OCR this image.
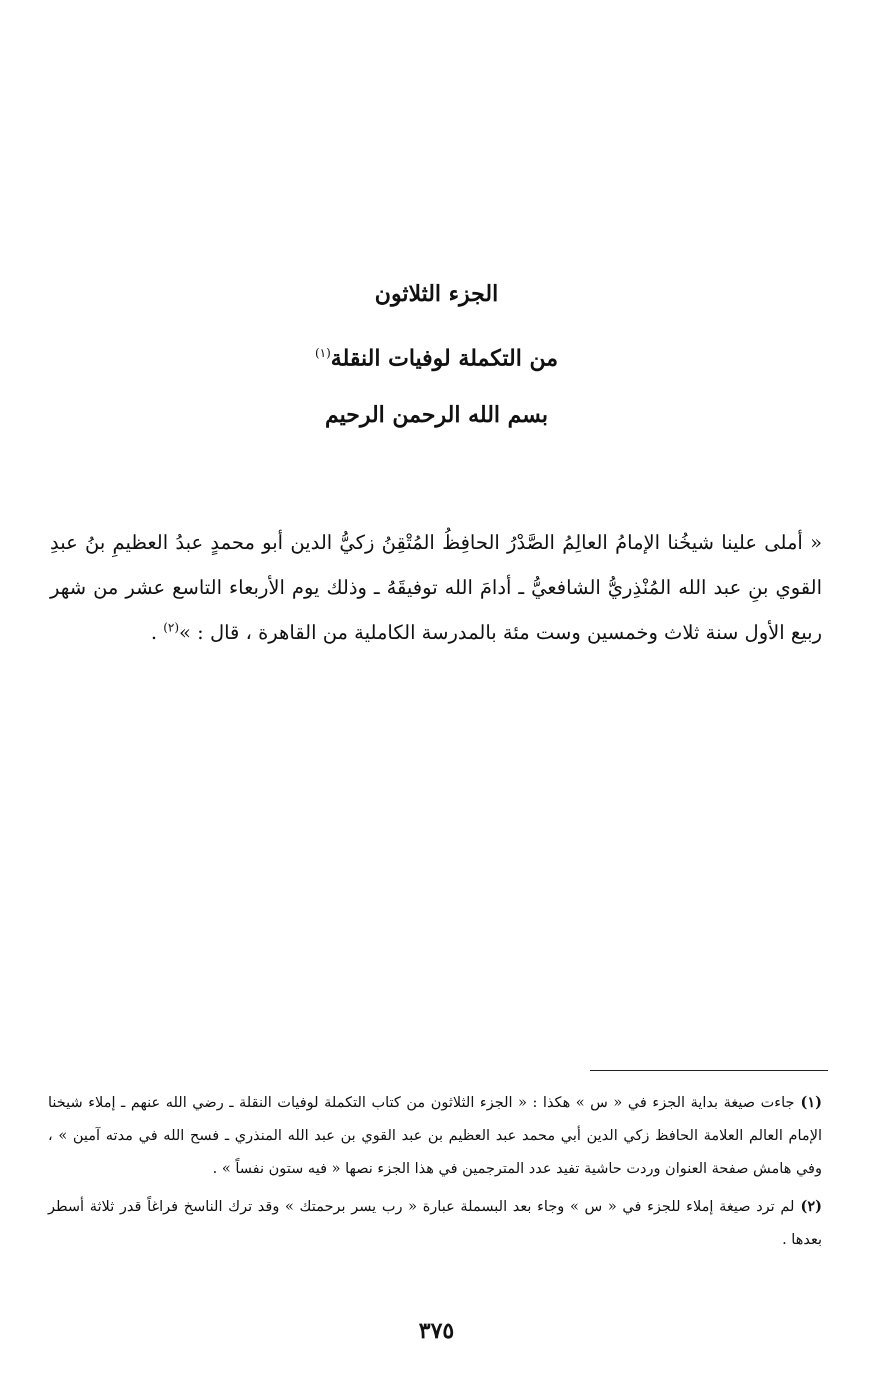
الجزء الثلاثون
من التكملة لوفيات النقلة$^{(١)}$
بسم الله الرحمن الرحيم
« أملى علينا شيخُنا الإمامُ العالِمُ الصَّدْرُ الحافِظُ المُتْقِنُ زكيُّ الدين أبو محمدٍ عبدُ العظيمِ بنُ عبدِ القوي بنِ عبد الله المُنْذِريُّ الشافعيُّ ـ أدامَ الله توفيقَهُ ـ وذلك يوم الأربعاء التاسع عشر من شهر ربيع الأول سنة ثلاث وخمسين وست مئة بالمدرسة الكاملية من القاهرة ، قال : »$^{(٢)}$ .

(١)جاءت صيغة بداية الجزء في « س » هكذا : « الجزء الثلاثون من كتاب التكملة لوفيات النقلة ـ رضي الله عنهم ـ إملاء شيخنا الإمام العالم العلامة الحافظ زكي الدين أبي محمد عبد العظيم بن عبد القوي بن عبد الله المنذري ـ فسح الله في مدته آمين » ، وفي هامش صفحة العنوان وردت حاشية تفيد عدد المترجمين في هذا الجزء نصها « فيه ستون نفساً » .

(٢)لم ترد صيغة إملاء للجزء في « س » وجاء بعد البسملة عبارة « رب يسر برحمتك » وقد ترك الناسخ فراغاً قدر ثلاثة أسطر بعدها .

٣٧٥
